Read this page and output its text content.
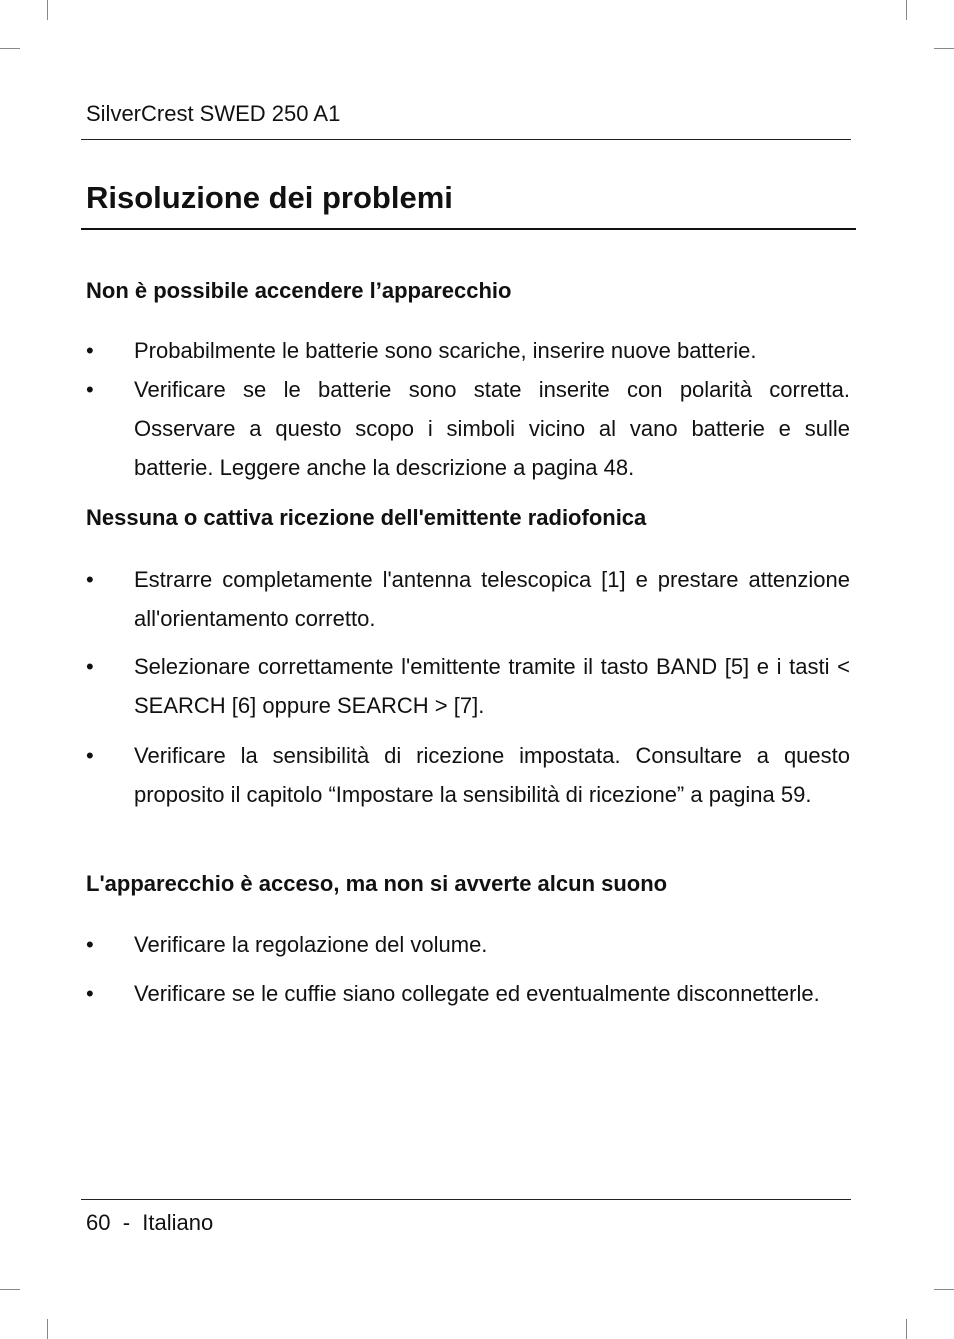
SilverCrest SWED 250 A1
Risoluzione dei problemi
Non è possibile accendere l’apparecchio
• Probabilmente le batterie sono scariche, inserire nuove batterie.
• Verificare se le batterie sono state inserite con polarità corretta. Osservare a questo scopo i simboli vicino al vano batterie e sulle batterie. Leggere anche la descrizione a pagina 48.
Nessuna o cattiva ricezione dell'emittente radiofonica
• Estrarre completamente l'antenna telescopica [1] e prestare attenzione all'orientamento corretto.
• Selezionare correttamente l'emittente tramite il tasto BAND [5] e i tasti < SEARCH [6] oppure SEARCH > [7].
• Verificare la sensibilità di ricezione impostata. Consultare a questo proposito il capitolo “Impostare la sensibilità di ricezione” a pagina 59.
L'apparecchio è acceso, ma non si avverte alcun suono
• Verificare la regolazione del volume.
• Verificare se le cuffie siano collegate ed eventualmente disconnetterle.
60  -  Italiano
